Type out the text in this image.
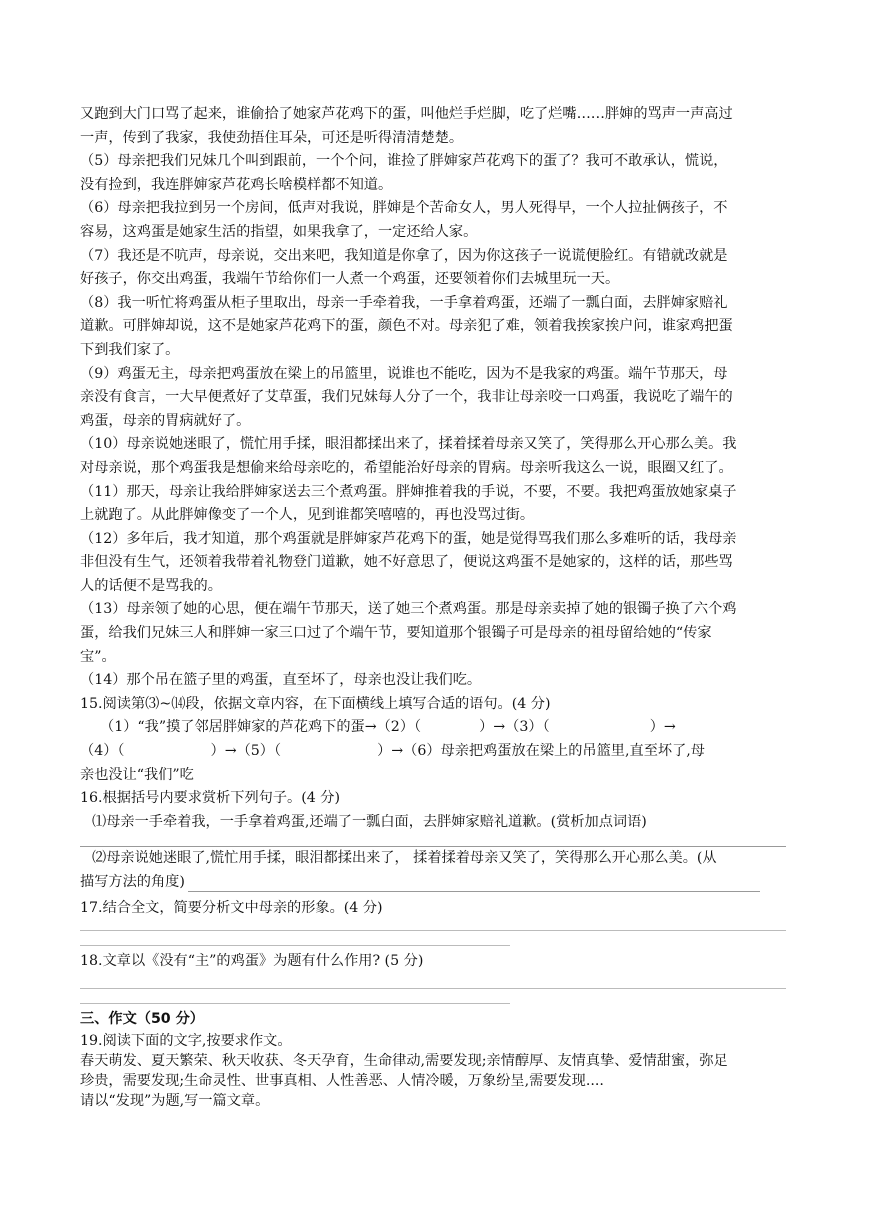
又跑到大门口骂了起来，谁偷拾了她家芦花鸡下的蛋，叫他烂手烂脚，吃了烂嘴……胖婶的骂声一声高过
一声，传到了我家，我使劲捂住耳朵，可还是听得清清楚楚。
（5）母亲把我们兄妹几个叫到跟前，一个个问，谁捡了胖婶家芦花鸡下的蛋了？我可不敢承认，慌说，
没有捡到，我连胖婶家芦花鸡长啥模样都不知道。
（6）母亲把我拉到另一个房间，低声对我说，胖婶是个苦命女人，男人死得早，一个人拉扯俩孩子，不
容易，这鸡蛋是她家生活的指望，如果我拿了，一定还给人家。
（7）我还是不吭声，母亲说，交出来吧，我知道是你拿了，因为你这孩子一说谎便脸红。有错就改就是
好孩子，你交出鸡蛋，我端午节给你们一人煮一个鸡蛋，还要领着你们去城里玩一天。
（8）我一听忙将鸡蛋从柜子里取出，母亲一手牵着我，一手拿着鸡蛋，还端了一瓢白面，去胖婶家赔礼
道歉。可胖婶却说，这不是她家芦花鸡下的蛋，颜色不对。母亲犯了难，领着我挨家挨户问，谁家鸡把蛋
下到我们家了。
（9）鸡蛋无主，母亲把鸡蛋放在梁上的吊篮里，说谁也不能吃，因为不是我家的鸡蛋。端午节那天，母
亲没有食言，一大早便煮好了艾草蛋，我们兄妹每人分了一个，我非让母亲咬一口鸡蛋，我说吃了端午的
鸡蛋，母亲的胃病就好了。
（10）母亲说她迷眼了，慌忙用手揉，眼泪都揉出来了，揉着揉着母亲又笑了，笑得那么开心那么美。我
对母亲说，那个鸡蛋我是想偷来给母亲吃的，希望能治好母亲的胃病。母亲听我这么一说，眼圈又红了。
（11）那天，母亲让我给胖婶家送去三个煮鸡蛋。胖婶推着我的手说，不要，不要。我把鸡蛋放她家桌子
上就跑了。从此胖婶像变了一个人，见到谁都笑嘻嘻的，再也没骂过街。
（12）多年后，我才知道，那个鸡蛋就是胖婶家芦花鸡下的蛋，她是觉得骂我们那么多难听的话，我母亲
非但没有生气，还领着我带着礼物登门道歉，她不好意思了，便说这鸡蛋不是她家的，这样的话，那些骂
人的话便不是骂我的。
（13）母亲领了她的心思，便在端午节那天，送了她三个煮鸡蛋。那是母亲卖掉了她的银镯子换了六个鸡
蛋，给我们兄妹三人和胖婶一家三口过了个端午节，要知道那个银镯子可是母亲的祖母留给她的“传家
宝”。
（14）那个吊在篮子里的鸡蛋，直至坏了，母亲也没让我们吃。
15.阅读第⑶~⒁段，依据文章内容，在下面横线上填写合适的语句。(4 分)
（1）“我”摸了邻居胖婶家的芦花鸡下的蛋→（2）（	）→（3）（	）→
（4）（	）→（5）（	）→（6）母亲把鸡蛋放在梁上的吊篮里,直至坏了,母
亲也没让“我们”吃
16.根据括号内要求赏析下列句子。(4 分)
⑴母亲一手牵着我，一手拿着鸡蛋,还端了一瓢白面，去胖婶家赔礼道歉。(赏析加点词语)
⑵母亲说她迷眼了,慌忙用手揉，眼泪都揉出来了， 揉着揉着母亲又笑了，笑得那么开心那么美。(从
描写方法的角度)
17.结合全文，简要分析文中母亲的形象。(4 分)
18.文章以《没有“主”的鸡蛋》为题有什么作用? (5 分)
三、作文（50 分）
19.阅读下面的文字,按要求作文。
春天萌发、夏天繁荣、秋天收获、冬天孕育，生命律动,需要发现;亲情醇厚、友情真挚、爱情甜蜜，弥足
珍贵，需要发现;生命灵性、世事真相、人性善恶、人情冷暖，万象纷呈,需要发现....
请以“发现”为题,写一篇文章。
